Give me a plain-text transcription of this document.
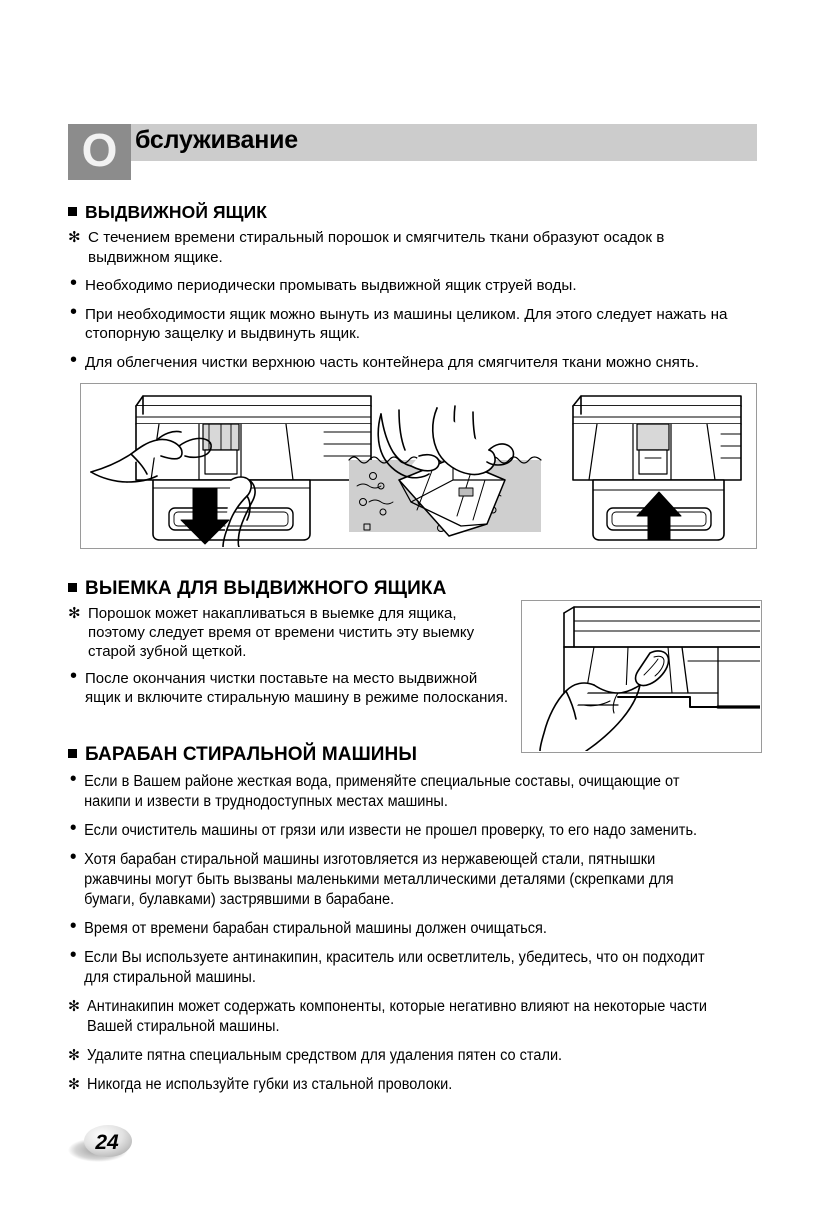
О бслуживание
ВЫДВИЖНОЙ ЯЩИК
✻ С течением времени стиральный порошок и смягчитель ткани образуют осадок в выдвижном ящике.
• Необходимо периодически промывать выдвижной ящик струей воды.
• При необходимости ящик можно вынуть из машины целиком. Для этого следует нажать на стопорную защелку и выдвинуть ящик.
• Для облегчения чистки верхнюю часть контейнера для смягчителя ткани можно снять.
ВЫЕМКА ДЛЯ ВЫДВИЖНОГО ЯЩИКА
✻ Порошок может накапливаться в выемке для ящика, поэтому следует время от времени чистить эту выемку старой зубной щеткой.
• После окончания чистки поставьте на место выдвижной ящик и включите стиральную машину в режиме полоскания.
БАРАБАН СТИРАЛЬНОЙ МАШИНЫ
• Если в Вашем районе жесткая вода, применяйте специальные составы, очищающие от накипи и извести в труднодоступных местах машины.
• Если очиститель машины от грязи или извести не прошел проверку, то его надо заменить.
• Хотя барабан стиральной машины изготовляется из нержавеющей стали, пятнышки ржавчины могут быть вызваны маленькими металлическими деталями (скрепками для бумаги, булавками) застрявшими в барабане.
• Время от времени барабан стиральной машины должен очищаться.
• Если Вы используете антинакипин, краситель или осветлитель, убедитесь, что он подходит для стиральной машины.
✻ Антинакипин может содержать компоненты, которые негативно влияют на некоторые части Вашей стиральной машины.
✻ Удалите пятна специальным средством для удаления пятен со стали.
✻ Никогда не используйте губки из стальной проволоки.
24
